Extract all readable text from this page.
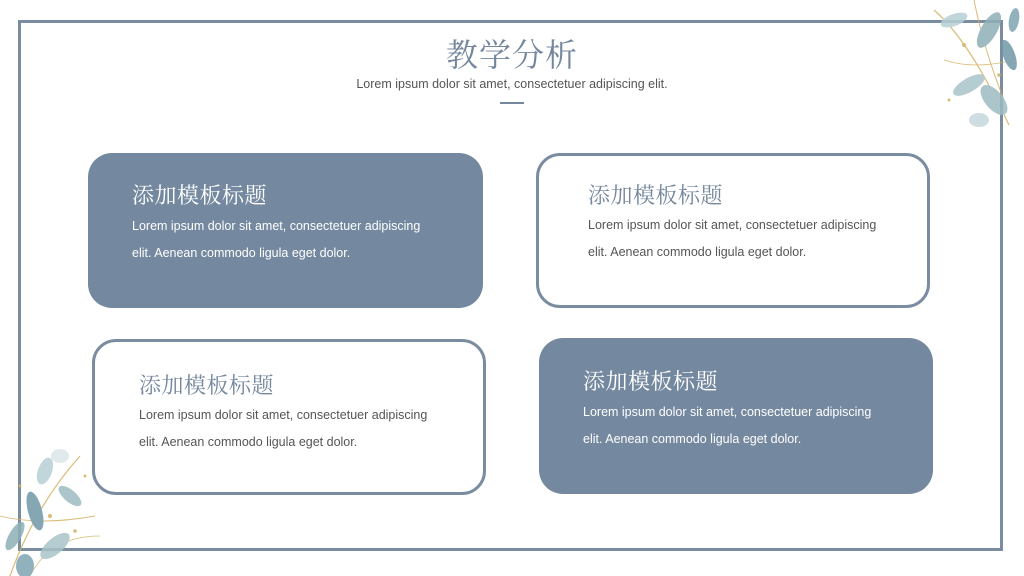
教学分析
Lorem ipsum dolor sit amet, consectetuer adipiscing elit.
添加模板标题
Lorem ipsum dolor sit amet, consectetuer adipiscing elit. Aenean commodo ligula eget dolor.
添加模板标题
Lorem ipsum dolor sit amet, consectetuer adipiscing elit. Aenean commodo ligula eget dolor.
添加模板标题
Lorem ipsum dolor sit amet, consectetuer adipiscing elit. Aenean commodo ligula eget dolor.
添加模板标题
Lorem ipsum dolor sit amet, consectetuer adipiscing elit. Aenean commodo ligula eget dolor.
